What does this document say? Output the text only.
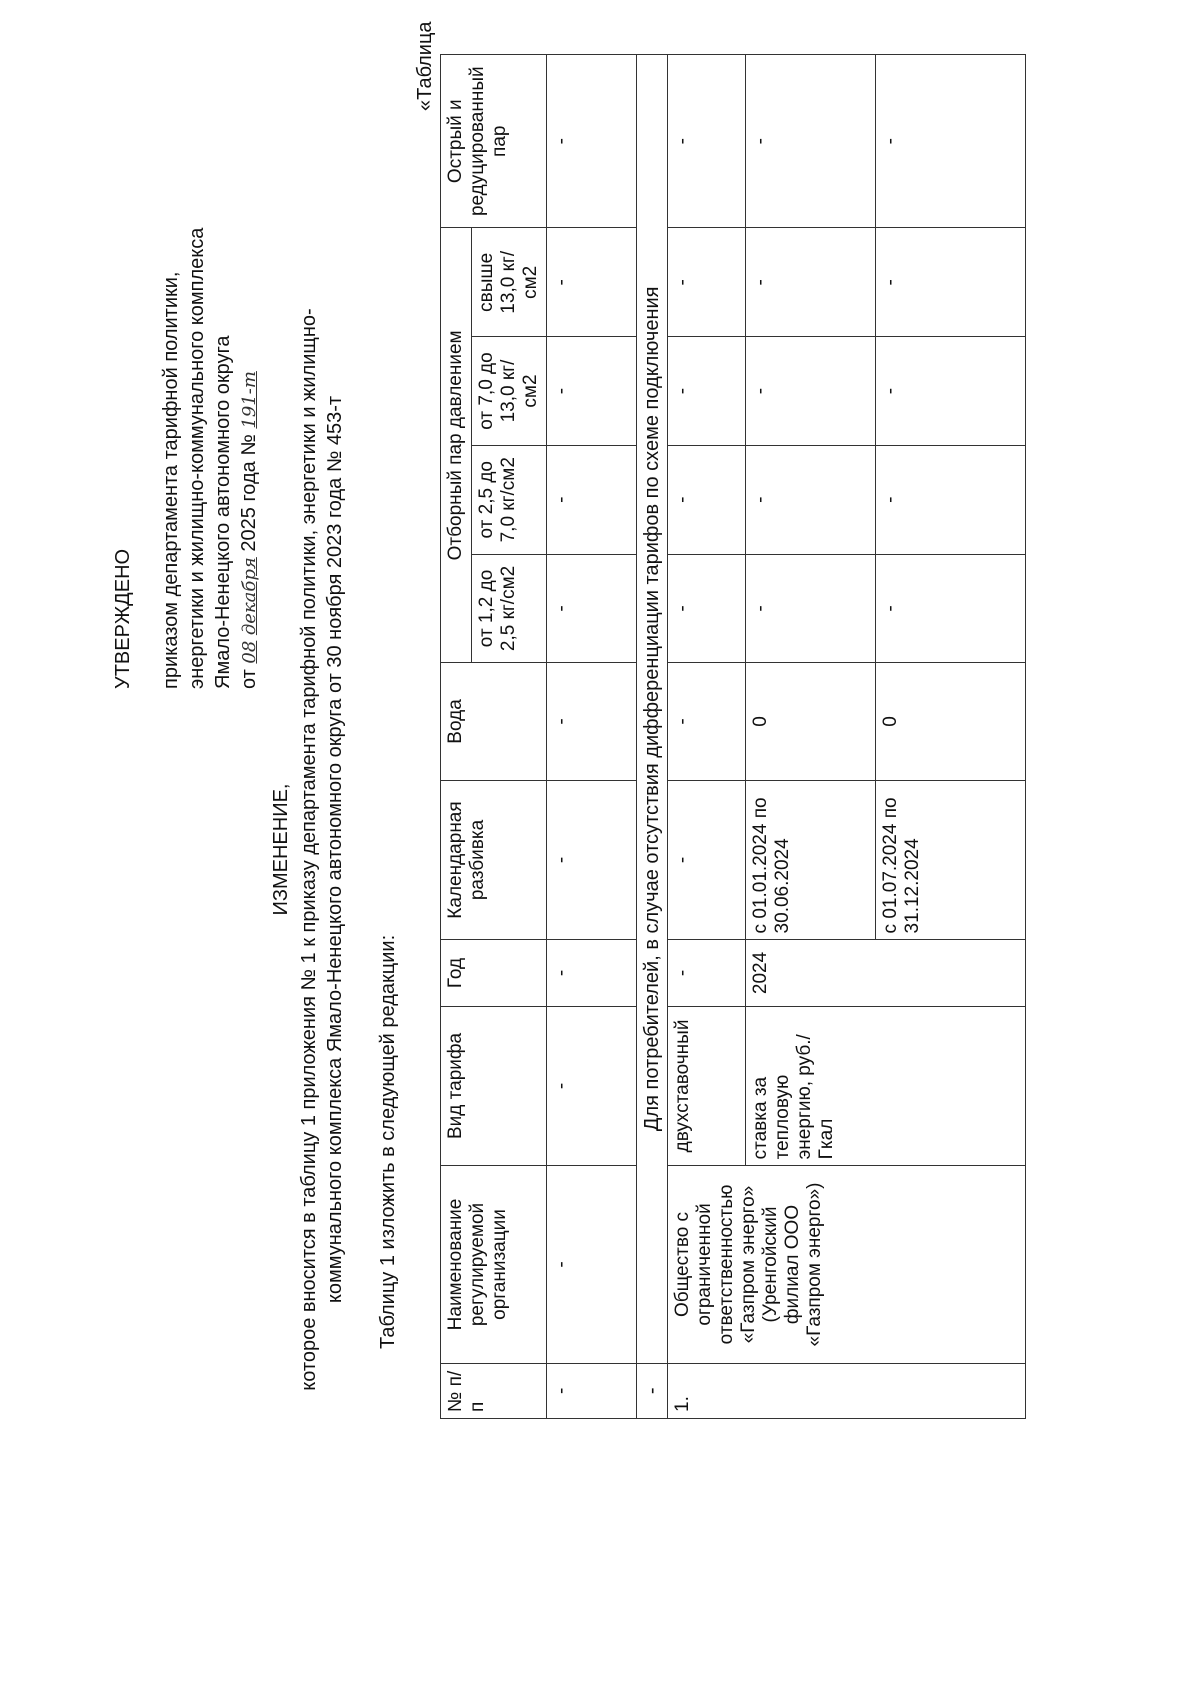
УТВЕРЖДЕНО приказом департамента тарифной политики, энергетики и жилищно-коммунального комплекса Ямало-Ненецкого автономного округа от 08 декабря 2025 года № 191-т
ИЗМЕНЕНИЕ, которое вносится в таблицу 1 приложения № 1 к приказу департамента тарифной политики, энергетики и жилищно- коммунального комплекса Ямало-Ненецкого автономного округа от 30 ноября 2023 года № 453-т Таблицу 1 изложить в следующей редакции:
«Таблица
№ п/п	Наименование регулируемой организации	Вид тарифа	Год	Календарная разбивка	Вода	Отборный пар давлением				Острый и редуцированный пар
						от 1,2 до 2,5 кг/см2	от 2,5 до 7,0 кг/см2	от 7,0 до 13,0 кг/см2	свыше 13,0 кг/см2	
-	-	-	-	-	-	-	-	-	-	-
-	Для потребителей, в случае отсутствия дифференциации тарифов по схеме подключения									
1.	Общество с ограниченной ответственностью «Газпром энерго» (Уренгойский филиал ООО «Газпром энерго»)	двухставочный	-	-	-	-	-	-	-	-
		ставка за тепловую энергию, руб./Гкал	2024	с 01.01.2024 по 30.06.2024	0	-	-	-	-	-
				с 01.07.2024 по 31.12.2024	0	-	-	-	-	-
